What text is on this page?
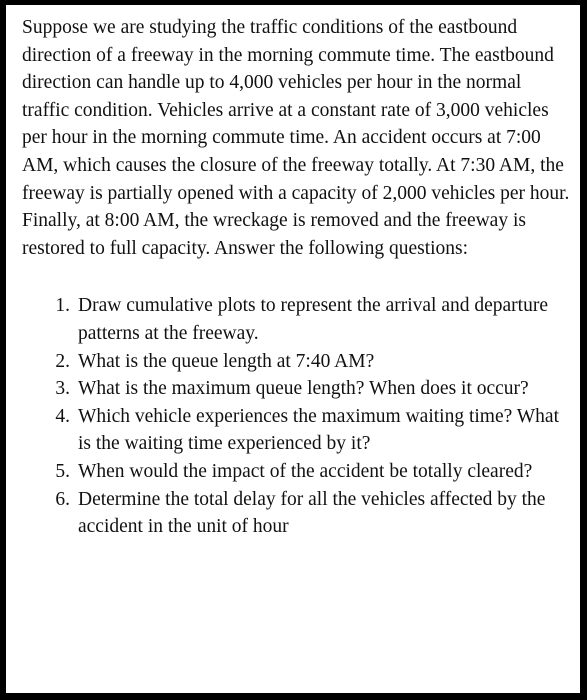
Suppose we are studying the traffic conditions of the eastbound direction of a freeway in the morning commute time. The eastbound direction can handle up to 4,000 vehicles per hour in the normal traffic condition. Vehicles arrive at a constant rate of 3,000 vehicles per hour in the morning commute time. An accident occurs at 7:00 AM, which causes the closure of the freeway totally. At 7:30 AM, the freeway is partially opened with a capacity of 2,000 vehicles per hour. Finally, at 8:00 AM, the wreckage is removed and the freeway is restored to full capacity. Answer the following questions:

1. Draw cumulative plots to represent the arrival and departure patterns at the freeway.
2. What is the queue length at 7:40 AM?
3. What is the maximum queue length? When does it occur?
4. Which vehicle experiences the maximum waiting time? What is the waiting time experienced by it?
5. When would the impact of the accident be totally cleared?
6. Determine the total delay for all the vehicles affected by the accident in the unit of hour
